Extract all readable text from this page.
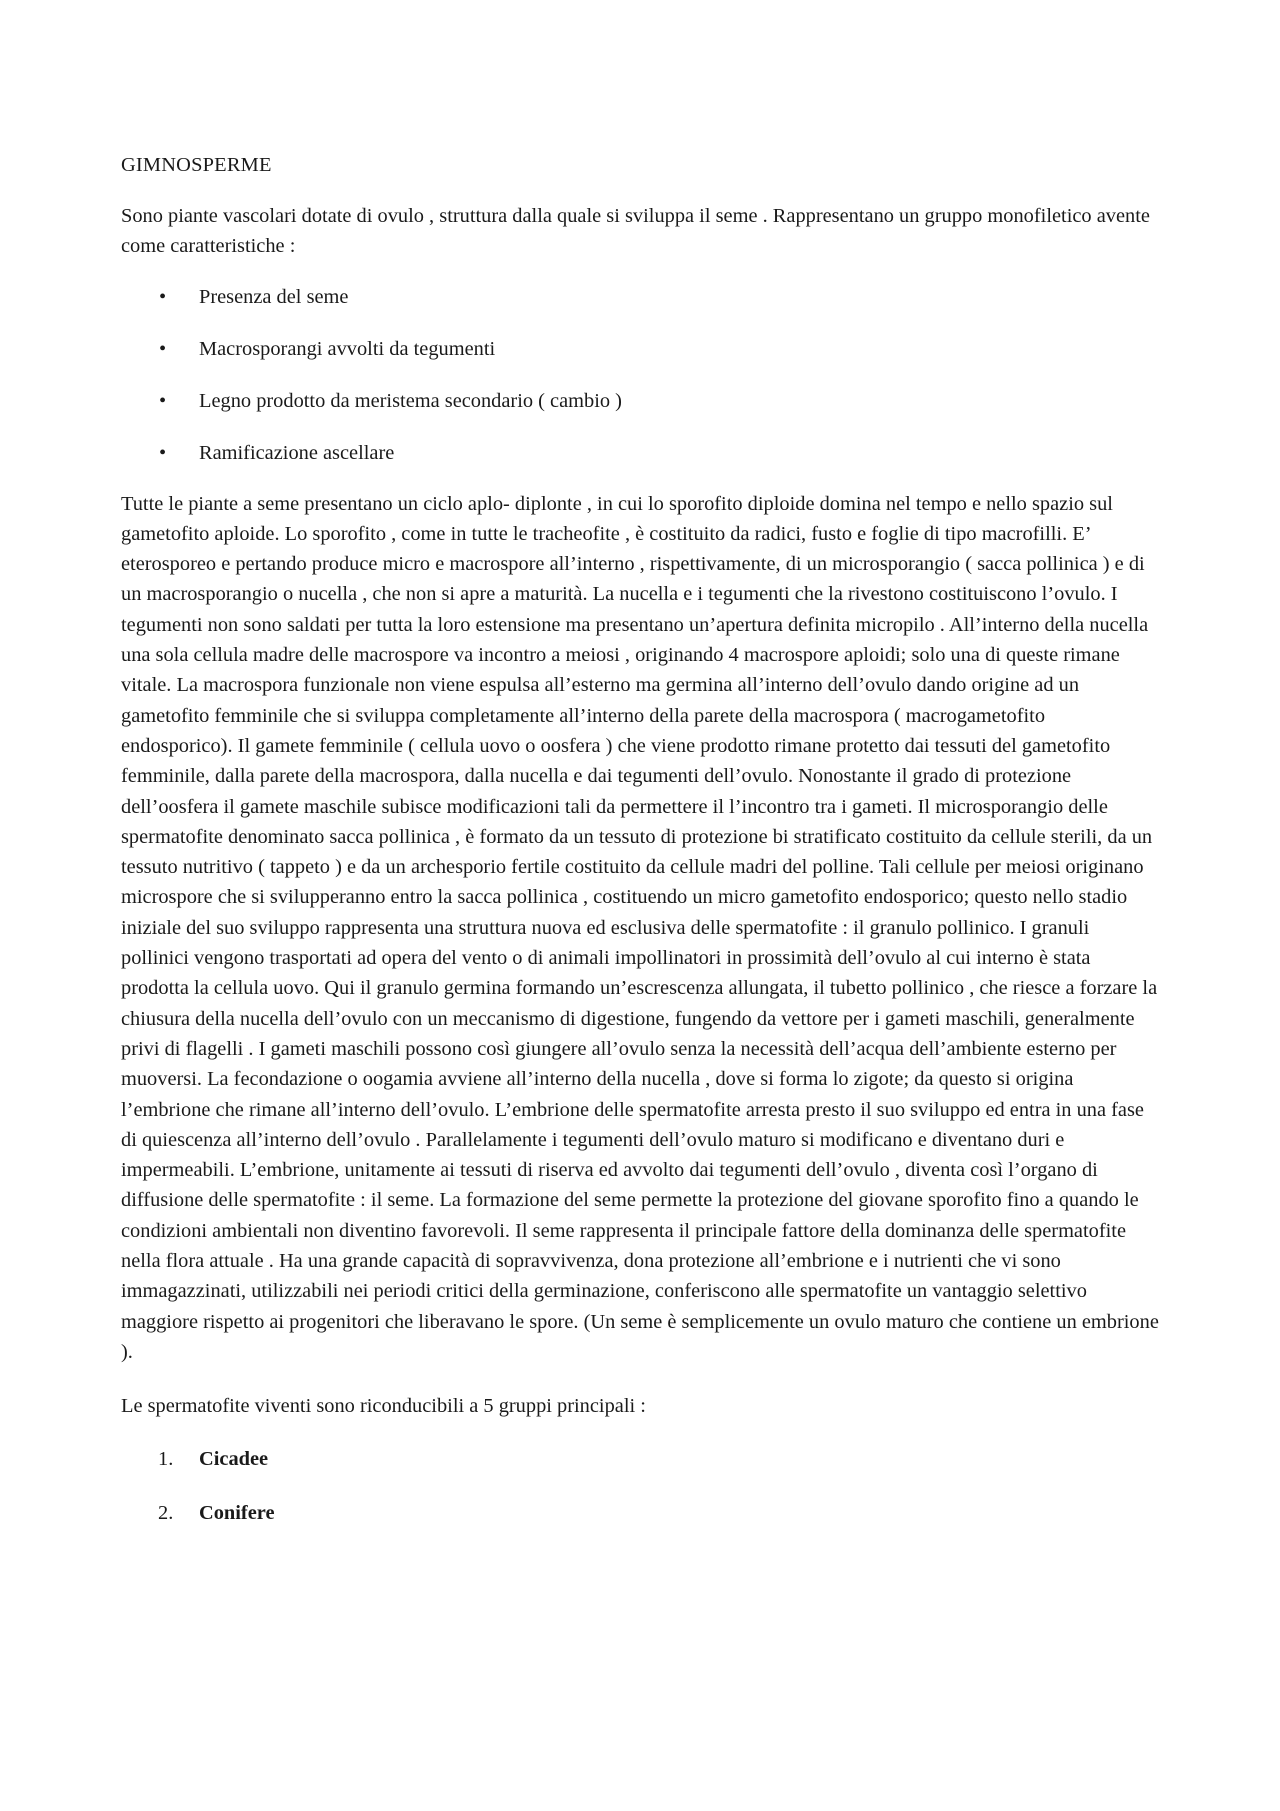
GIMNOSPERME

Sono piante vascolari dotate di ovulo , struttura dalla quale si sviluppa il seme . Rappresentano un gruppo monofiletico avente come caratteristiche :

• Presenza del seme
• Macrosporangi avvolti da tegumenti
• Legno prodotto da meristema secondario ( cambio )
• Ramificazione ascellare

Tutte le piante a seme presentano un ciclo aplo- diplonte , in cui lo sporofito diploide domina nel tempo e nello spazio sul gametofito aploide. Lo sporofito , come in tutte le tracheofite , è costituito da radici, fusto e foglie di tipo macrofilli. E’ eterosporeo e pertando produce micro e macrospore all’interno , rispettivamente, di un microsporangio ( sacca pollinica ) e di un macrosporangio o nucella , che non si apre a maturità. La nucella e i tegumenti che la rivestono costituiscono l’ovulo. I tegumenti non sono saldati per tutta la loro estensione ma presentano un’apertura definita micropilo . All’interno della nucella una sola cellula madre delle macrospore va incontro a meiosi , originando 4 macrospore aploidi; solo una di queste rimane vitale. La macrospora funzionale non viene espulsa all’esterno ma germina all’interno dell’ovulo dando origine ad un gametofito femminile che si sviluppa completamente all’interno della parete della macrospora ( macrogametofito endosporico). Il gamete femminile ( cellula uovo o oosfera ) che viene prodotto rimane protetto dai tessuti del gametofito femminile, dalla parete della macrospora, dalla nucella e dai tegumenti dell’ovulo. Nonostante il grado di protezione dell’oosfera il gamete maschile subisce modificazioni tali da permettere il l’incontro tra i gameti. Il microsporangio delle spermatofite denominato sacca pollinica , è formato da un tessuto di protezione bi stratificato costituito da cellule sterili, da un tessuto nutritivo ( tappeto ) e da un archesporio fertile costituito da cellule madri del polline. Tali cellule per meiosi originano microspore che si svilupperanno entro la sacca pollinica , costituendo un micro gametofito endosporico; questo nello stadio iniziale del suo sviluppo rappresenta una struttura nuova ed esclusiva delle spermatofite : il granulo pollinico. I granuli pollinici vengono trasportati ad opera del vento o di animali impollinatori in prossimità dell’ovulo al cui interno è stata prodotta la cellula uovo. Qui il granulo germina formando un’escrescenza allungata, il tubetto pollinico , che riesce a forzare la chiusura della nucella dell’ovulo con un meccanismo di digestione, fungendo da vettore per i gameti maschili, generalmente privi di flagelli . I gameti maschili possono così giungere all’ovulo senza la necessità dell’acqua dell’ambiente esterno per muoversi. La fecondazione o oogamia avviene all’interno della nucella , dove si forma lo zigote; da questo si origina l’embrione che rimane all’interno dell’ovulo. L’embrione delle spermatofite arresta presto il suo sviluppo ed entra in una fase di quiescenza all’interno dell’ovulo . Parallelamente i tegumenti dell’ovulo maturo si modificano e diventano duri e impermeabili. L’embrione, unitamente ai tessuti di riserva ed avvolto dai tegumenti dell’ovulo , diventa così l’organo di diffusione delle spermatofite : il seme. La formazione del seme permette la protezione del giovane sporofito fino a quando le condizioni ambientali non diventino favorevoli. Il seme rappresenta il principale fattore della dominanza delle spermatofite nella flora attuale . Ha una grande capacità di sopravvivenza, dona protezione all’embrione e i nutrienti che vi sono immagazzinati, utilizzabili nei periodi critici della germinazione, conferiscono alle spermatofite un vantaggio selettivo maggiore rispetto ai progenitori che liberavano le spore. (Un seme è semplicemente un ovulo maturo che contiene un embrione ).

Le spermatofite viventi sono riconducibili a 5 gruppi principali :

1. Cicadee
2. Conifere
